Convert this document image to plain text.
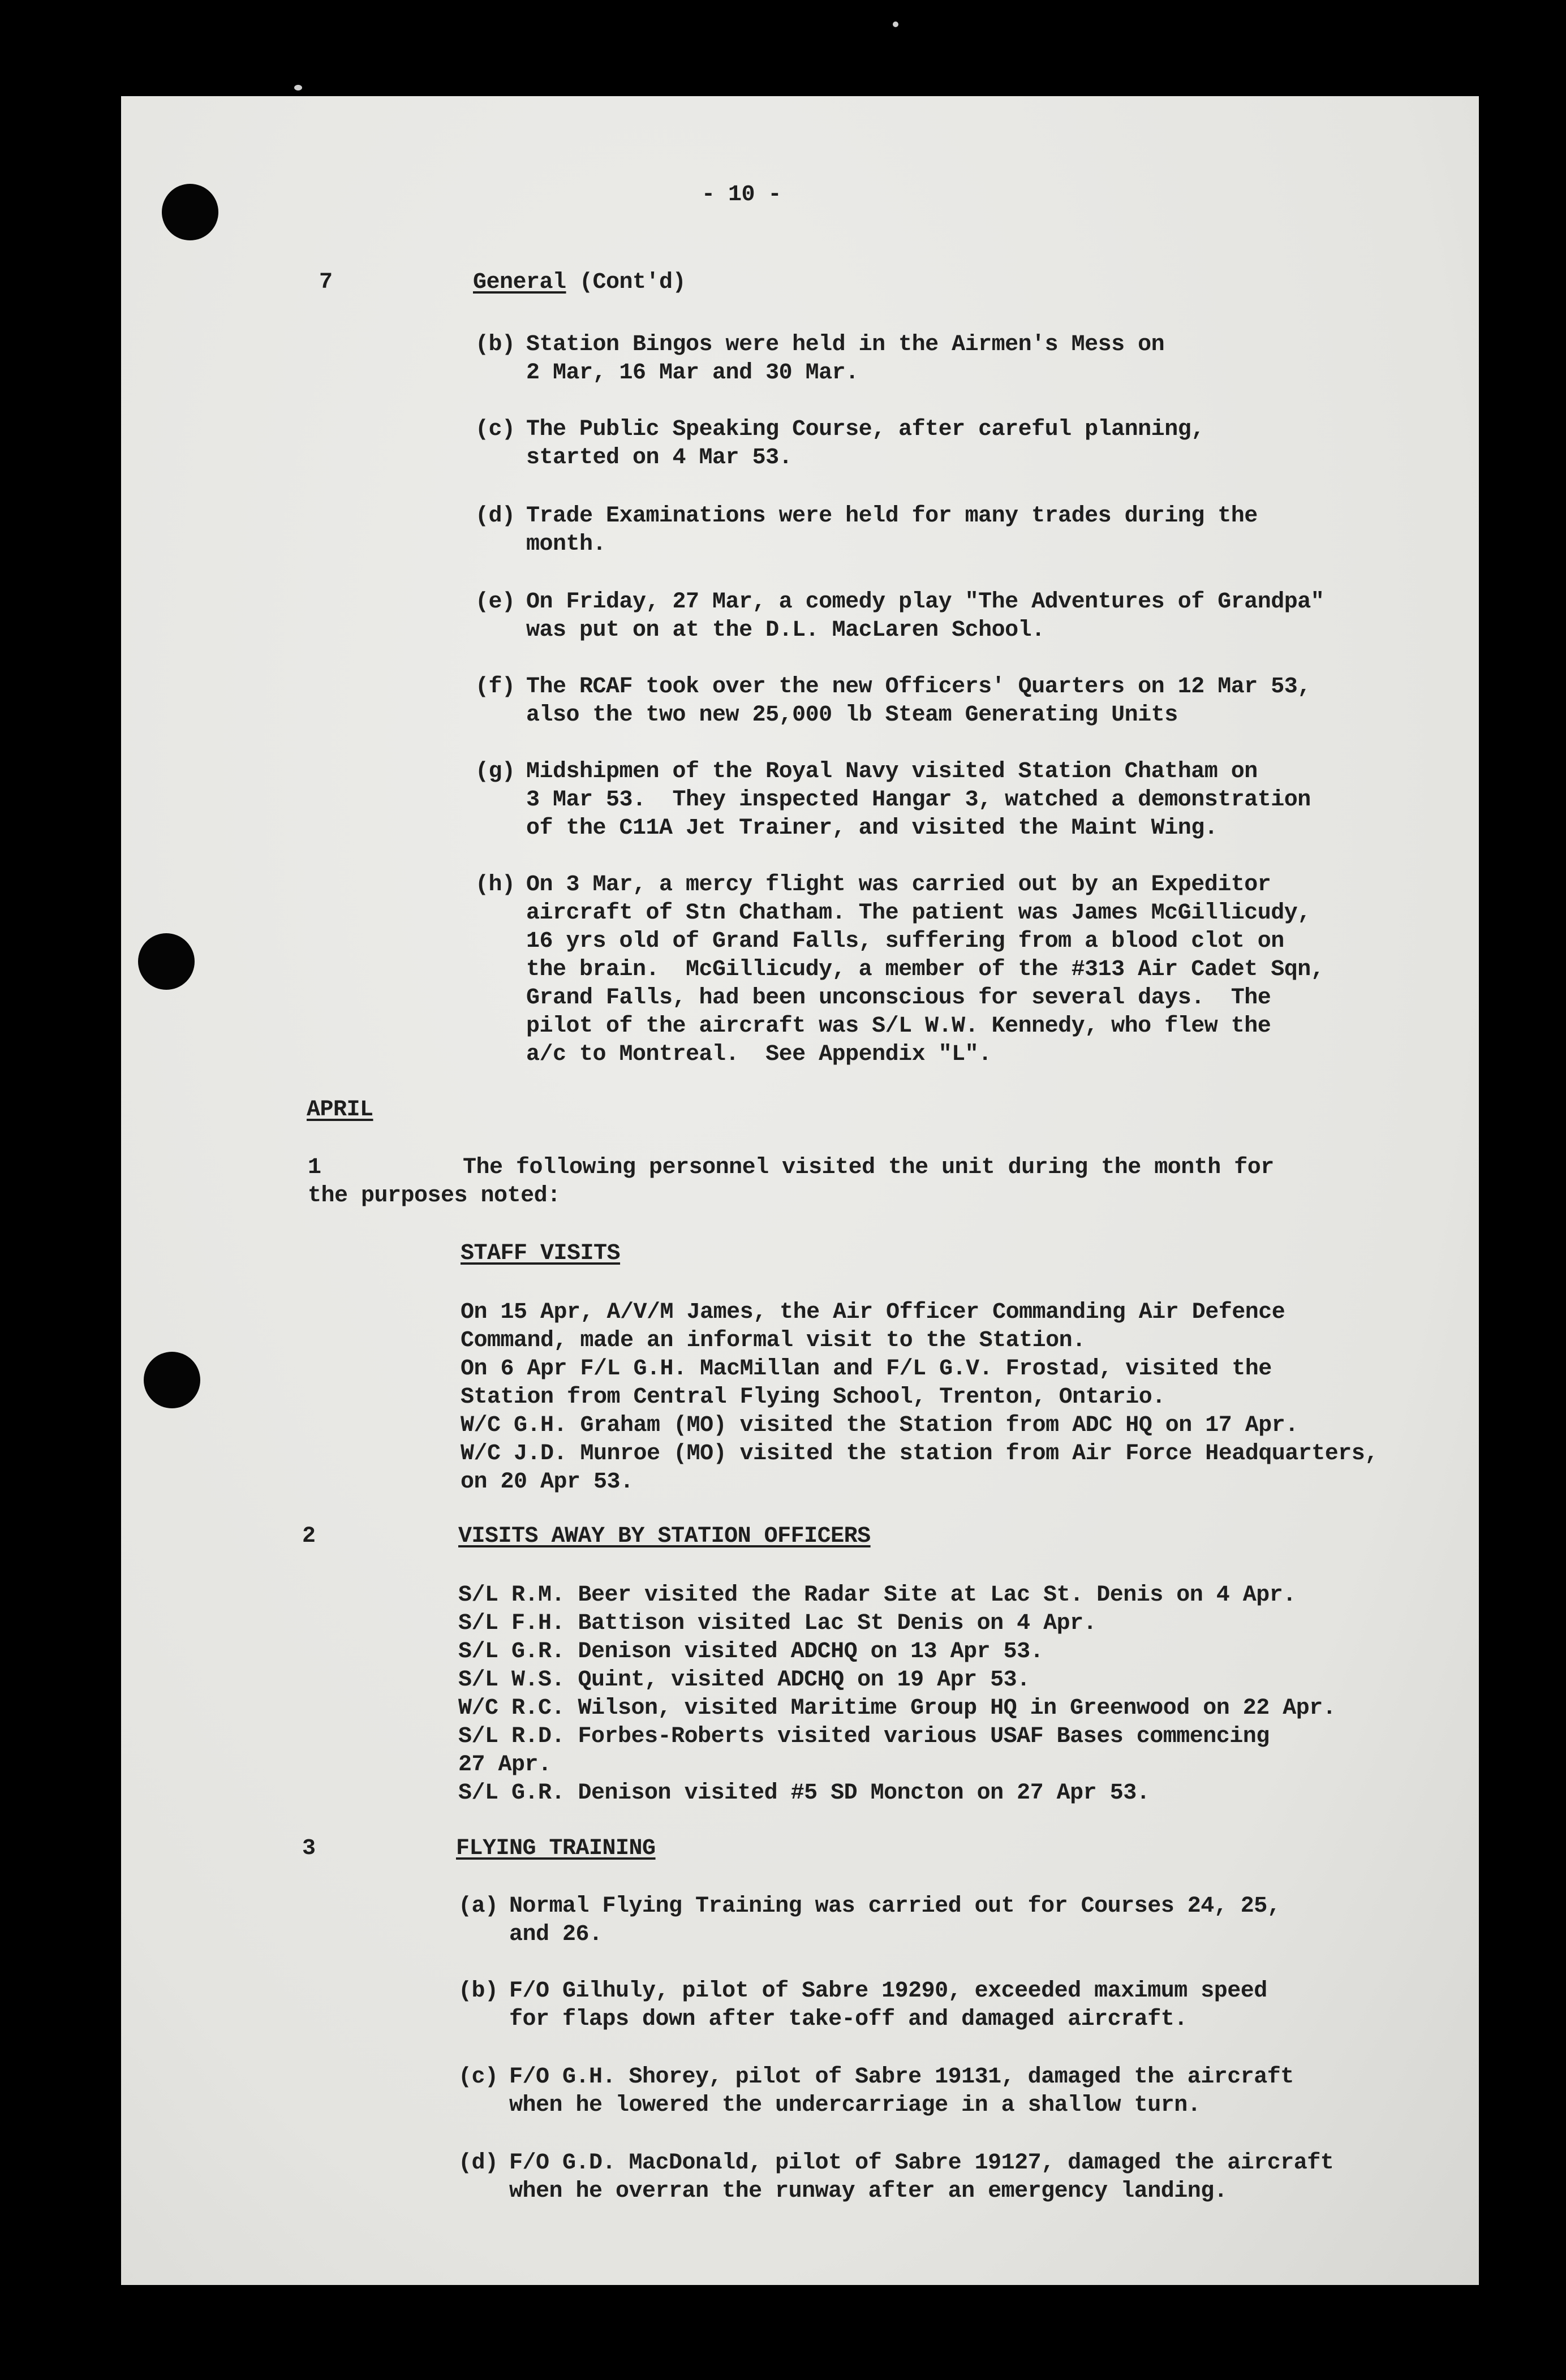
- 10 -
7	General (Cont'd)
(b) Station Bingos were held in the Airmen's Mess on
2 Mar, 16 Mar and 30 Mar.
(c) The Public Speaking Course, after careful planning,
started on 4 Mar 53.
(d) Trade Examinations were held for many trades during the
month.
(e) On Friday, 27 Mar, a comedy play "The Adventures of Grandpa"
was put on at the D.L. MacLaren School.
(f) The RCAF took over the new Officers' Quarters on 12 Mar 53,
also the two new 25,000 lb Steam Generating Units
(g) Midshipmen of the Royal Navy visited Station Chatham on
3 Mar 53.  They inspected Hangar 3, watched a demonstration
of the C11A Jet Trainer, and visited the Maint Wing.
(h) On 3 Mar, a mercy flight was carried out by an Expeditor
aircraft of Stn Chatham. The patient was James McGillicudy,
16 yrs old of Grand Falls, suffering from a blood clot on
the brain.  McGillicudy, a member of the #313 Air Cadet Sqn,
Grand Falls, had been unconscious for several days.  The
pilot of the aircraft was S/L W.W. Kennedy, who flew the
a/c to Montreal.  See Appendix "L".
APRIL
1	The following personnel visited the unit during the month for
the purposes noted:
STAFF VISITS
On 15 Apr, A/V/M James, the Air Officer Commanding Air Defence
Command, made an informal visit to the Station.
On 6 Apr F/L G.H. MacMillan and F/L G.V. Frostad, visited the
Station from Central Flying School, Trenton, Ontario.
W/C G.H. Graham (MO) visited the Station from ADC HQ on 17 Apr.
W/C J.D. Munroe (MO) visited the station from Air Force Headquarters,
on 20 Apr 53.
2	VISITS AWAY BY STATION OFFICERS
S/L R.M. Beer visited the Radar Site at Lac St. Denis on 4 Apr.
S/L F.H. Battison visited Lac St Denis on 4 Apr.
S/L G.R. Denison visited ADCHQ on 13 Apr 53.
S/L W.S. Quint, visited ADCHQ on 19 Apr 53.
W/C R.C. Wilson, visited Maritime Group HQ in Greenwood on 22 Apr.
S/L R.D. Forbes-Roberts visited various USAF Bases commencing
27 Apr.
S/L G.R. Denison visited #5 SD Moncton on 27 Apr 53.
3	FLYING TRAINING
(a) Normal Flying Training was carried out for Courses 24, 25,
and 26.
(b) F/O Gilhuly, pilot of Sabre 19290, exceeded maximum speed
for flaps down after take-off and damaged aircraft.
(c) F/O G.H. Shorey, pilot of Sabre 19131, damaged the aircraft
when he lowered the undercarriage in a shallow turn.
(d) F/O G.D. MacDonald, pilot of Sabre 19127, damaged the aircraft
when he overran the runway after an emergency landing.
